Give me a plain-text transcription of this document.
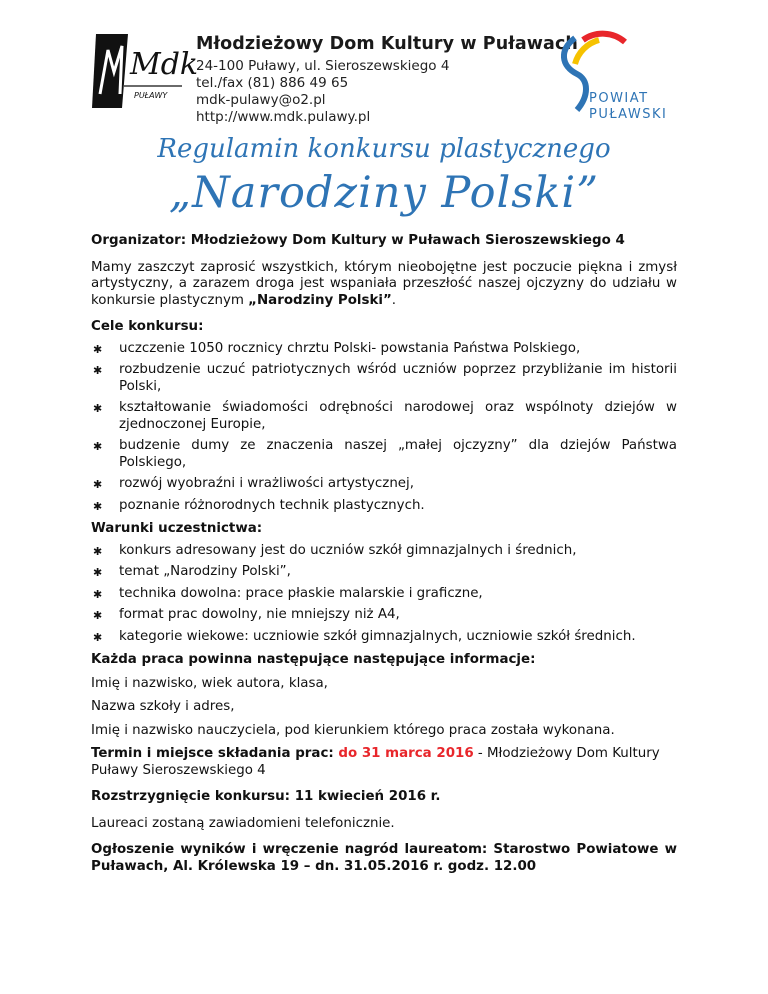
Mdk
PUŁAWY
Młodzieżowy Dom Kultury w Puławach
24-100 Puławy, ul. Sieroszewskiego 4
tel./fax (81) 886 49 65
mdk-pulawy@o2.pl
http://www.mdk.pulawy.pl
POWIAT
PUŁAWSKI
Regulamin konkursu plastycznego
„Narodziny Polski”

Organizator: Młodzieżowy Dom Kultury w Puławach Sieroszewskiego 4

Mamy zaszczyt zaprosić wszystkich, którym nieobojętne jest poczucie piękna i zmysł artystyczny, a zarazem droga jest wspaniała przeszłość naszej ojczyzny do udziału w konkursie plastycznym „Narodziny Polski”.

Cele konkursu:

✱ uczczenie 1050 rocznicy chrztu Polski- powstania Państwa Polskiego,
✱ rozbudzenie uczuć patriotycznych wśród uczniów poprzez przybliżanie im historii Polski,
✱ kształtowanie świadomości odrębności narodowej oraz wspólnoty dziejów w zjednoczonej Europie,
✱ budzenie dumy ze znaczenia naszej „małej ojczyzny” dla dziejów Państwa Polskiego,
✱ rozwój wyobraźni i wrażliwości artystycznej,
✱ poznanie różnorodnych technik plastycznych.

Warunki uczestnictwa:

✱ konkurs adresowany jest do uczniów szkół gimnazjalnych i średnich,
✱ temat „Narodziny Polski”,
✱ technika dowolna: prace płaskie malarskie i graficzne,
✱ format prac dowolny, nie mniejszy niż A4,
✱ kategorie wiekowe: uczniowie szkół gimnazjalnych, uczniowie szkół średnich.

Każda praca powinna następujące następujące informacje:

Imię i nazwisko, wiek autora, klasa,

Nazwa szkoły i adres,

Imię i nazwisko nauczyciela, pod kierunkiem którego praca została wykonana.

Termin i miejsce składania prac: do 31 marca 2016 - Młodzieżowy Dom Kultury Puławy Sieroszewskiego 4

Rozstrzygnięcie konkursu: 11 kwiecień 2016 r.

Laureaci zostaną zawiadomieni telefonicznie.

Ogłoszenie wyników i wręczenie nagród laureatom: Starostwo Powiatowe w Puławach, Al. Królewska 19 – dn. 31.05.2016 r. godz. 12.00
